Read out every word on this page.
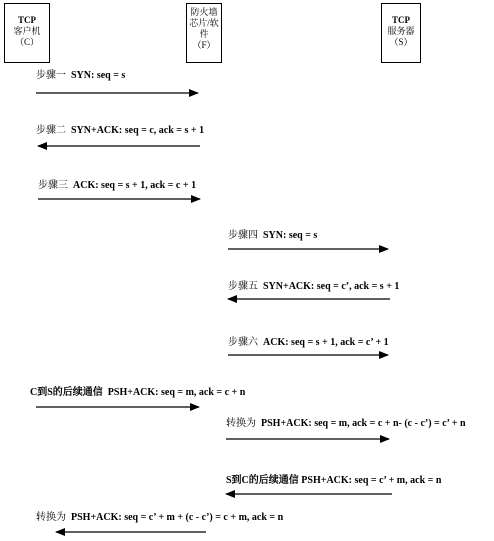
TCP
客户机
（C）
防火墙
芯片/软
件
（F）
TCP
服务器
（S）
步骤一 SYN: seq = s
步骤二 SYN+ACK: seq = c, ack = s + 1
步骤三 ACK: seq = s + 1, ack = c + 1
步骤四 SYN: seq = s
步骤五 SYN+ACK: seq = c’, ack = s + 1
步骤六 ACK: seq = s + 1, ack = c’ + 1
C到S的后续通信 PSH+ACK: seq = m, ack = c + n
转换为 PSH+ACK: seq = m, ack = c + n- (c - c’) = c’ + n
S到C的后续通信 PSH+ACK: seq = c’ + m, ack = n
转换为 PSH+ACK: seq = c’ + m + (c - c’) = c + m, ack = n
